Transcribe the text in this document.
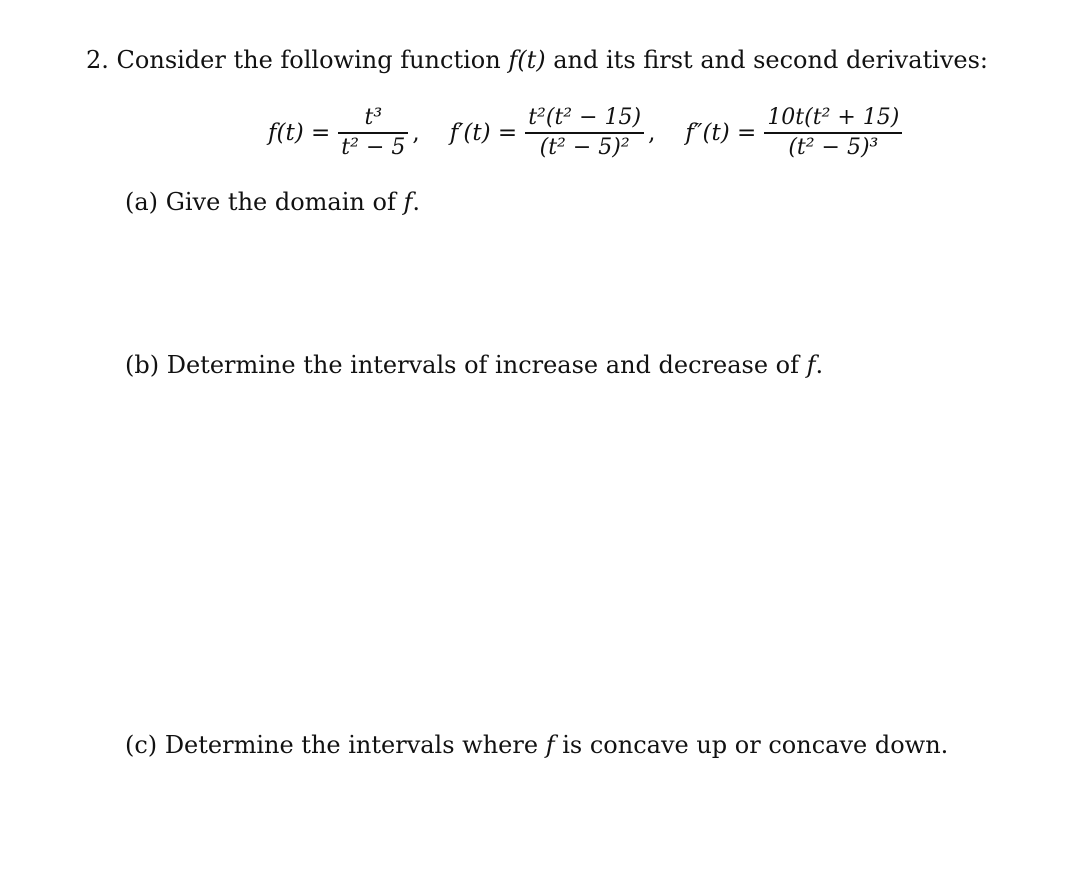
2. Consider the following function f(t) and its first and second derivatives:
$f(t) = \frac{\text{t³}}{\text{t² − 5}}$ , $f'(t) = \frac{\text{t²(t² − 15)}}{\text{(t² − 5)²}}$ , $f''(t) = \frac{\text{10t(t² + 15)}}{\text{(t² − 5)³}}$
(a) Give the domain of f.
(b) Determine the intervals of increase and decrease of f.
(c) Determine the intervals where f is concave up or concave down.
